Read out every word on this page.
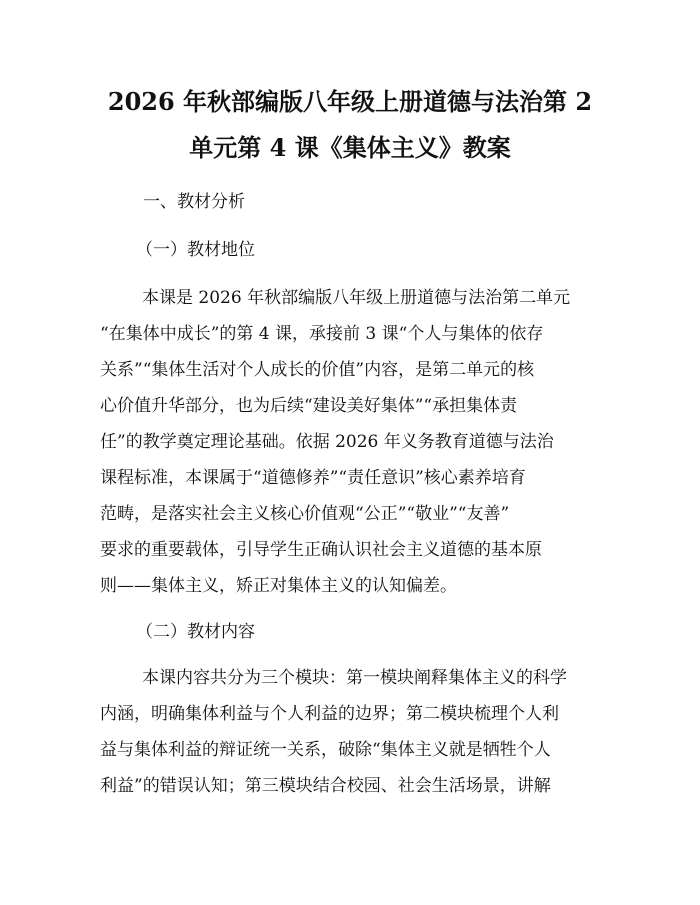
2026 年秋部编版八年级上册道德与法治第 2
单元第 4 课《集体主义》教案
一、教材分析
（一）教材地位
本课是 2026 年秋部编版八年级上册道德与法治第二单元
“在集体中成长”的第 4 课，承接前 3 课“个人与集体的依存
关系”“集体生活对个人成长的价值”内容，是第二单元的核
心价值升华部分，也为后续“建设美好集体”“承担集体责
任”的教学奠定理论基础。依据 2026 年义务教育道德与法治
课程标准，本课属于“道德修养”“责任意识”核心素养培育
范畴，是落实社会主义核心价值观“公正”“敬业”“友善”
要求的重要载体，引导学生正确认识社会主义道德的基本原
则——集体主义，矫正对集体主义的认知偏差。
（二）教材内容
本课内容共分为三个模块：第一模块阐释集体主义的科学
内涵，明确集体利益与个人利益的边界；第二模块梳理个人利
益与集体利益的辩证统一关系，破除“集体主义就是牺牲个人
利益”的错误认知；第三模块结合校园、社会生活场景，讲解
